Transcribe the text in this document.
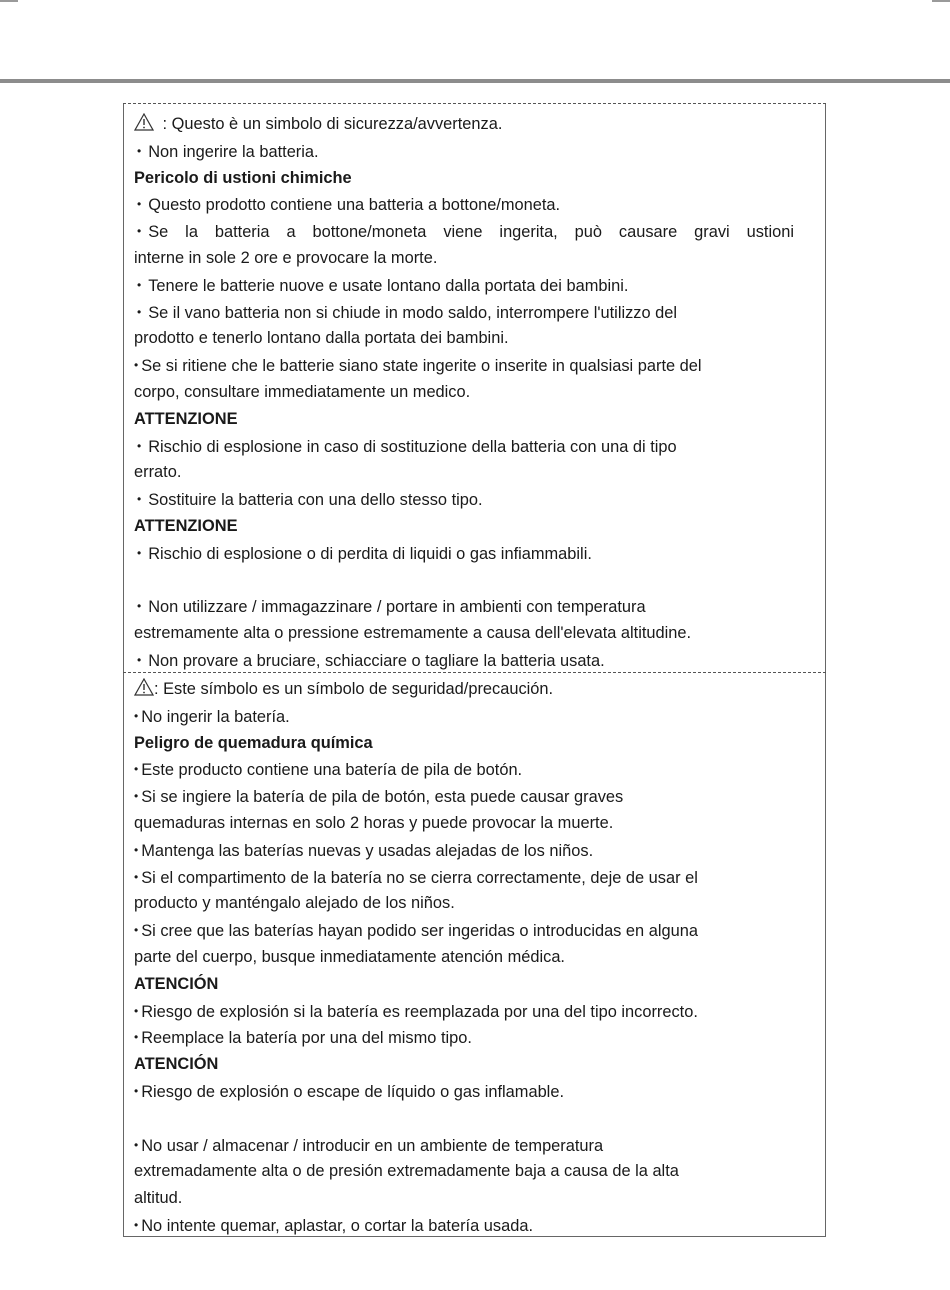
: Questo è un simbolo di sicurezza/avvertenza.
• Non ingerire la batteria.
Pericolo di ustioni chimiche
• Questo prodotto contiene una batteria a bottone/moneta.
• Se la batteria a bottone/moneta viene ingerita, può causare gravi ustioni
interne in sole 2 ore e provocare la morte.
• Tenere le batterie nuove e usate lontano dalla portata dei bambini.
• Se il vano batteria non si chiude in modo saldo, interrompere l'utilizzo del
prodotto e tenerlo lontano dalla portata dei bambini.
• Se si ritiene che le batterie siano state ingerite o inserite in qualsiasi parte del
corpo, consultare immediatamente un medico.
ATTENZIONE
• Rischio di esplosione in caso di sostituzione della batteria con una di tipo
errato.
• Sostituire la batteria con una dello stesso tipo.
ATTENZIONE
• Rischio di esplosione o di perdita di liquidi o gas infiammabili.
• Non utilizzare / immagazzinare / portare in ambienti con temperatura
estremamente alta o pressione estremamente a causa dell'elevata altitudine.
• Non provare a bruciare, schiacciare o tagliare la batteria usata.
: Este símbolo es un símbolo de seguridad/precaución.
• No ingerir la batería.
Peligro de quemadura química
• Este producto contiene una batería de pila de botón.
• Si se ingiere la batería de pila de botón, esta puede causar graves
quemaduras internas en solo 2 horas y puede provocar la muerte.
• Mantenga las baterías nuevas y usadas alejadas de los niños.
• Si el compartimento de la batería no se cierra correctamente, deje de usar el
producto y manténgalo alejado de los niños.
• Si cree que las baterías hayan podido ser ingeridas o introducidas en alguna
parte del cuerpo, busque inmediatamente atención médica.
ATENCIÓN
• Riesgo de explosión si la batería es reemplazada por una del tipo incorrecto.
• Reemplace la batería por una del mismo tipo.
ATENCIÓN
• Riesgo de explosión o escape de líquido o gas inflamable.
• No usar / almacenar / introducir en un ambiente de temperatura
extremadamente alta o de presión extremadamente baja a causa de la alta
altitud.
• No intente quemar, aplastar, o cortar la batería usada.
